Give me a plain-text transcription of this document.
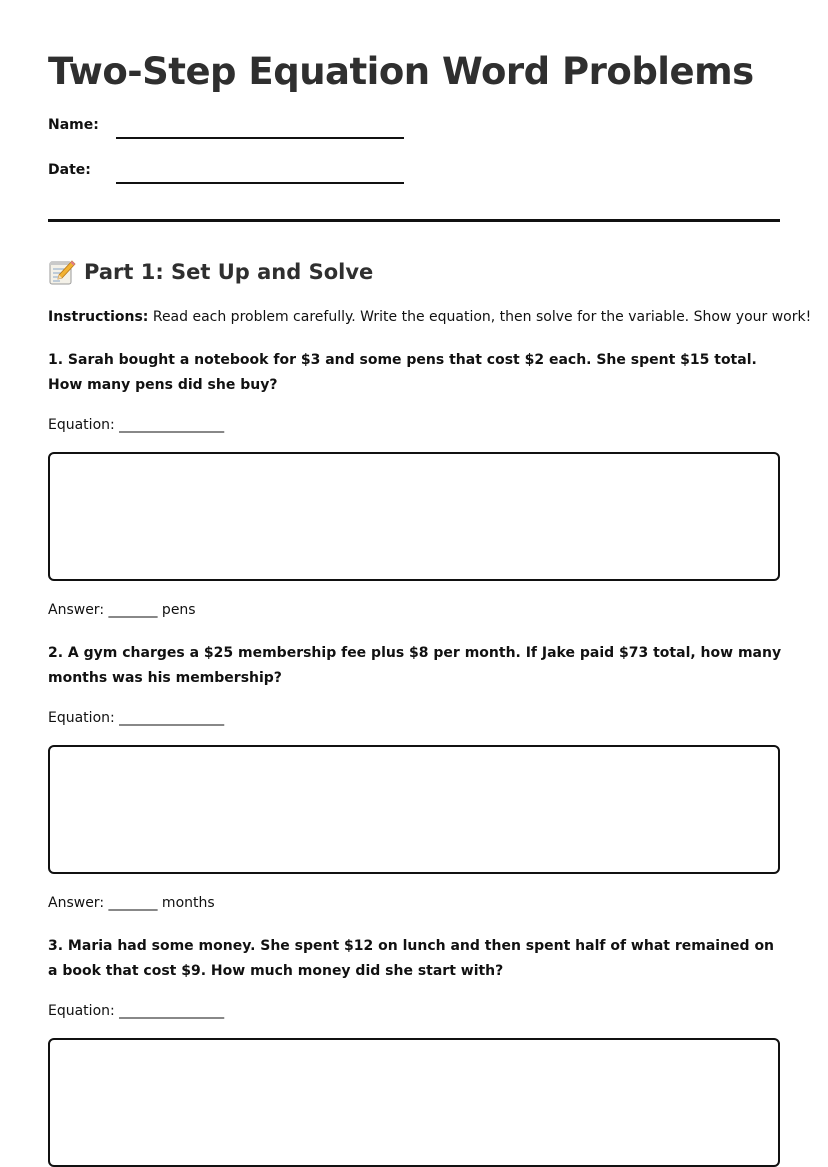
Two-Step Equation Word Problems
Name:
Date:
Part 1: Set Up and Solve
Instructions: Read each problem carefully. Write the equation, then solve for the variable. Show your work!
1. Sarah bought a notebook for $3 and some pens that cost $2 each. She spent $15 total. How many pens did she buy?
Equation: _______________
Answer: _______ pens
2. A gym charges a $25 membership fee plus $8 per month. If Jake paid $73 total, how many months was his membership?
Equation: _______________
Answer: _______ months
3. Maria had some money. She spent $12 on lunch and then spent half of what remained on a book that cost $9. How much money did she start with?
Equation: _______________
